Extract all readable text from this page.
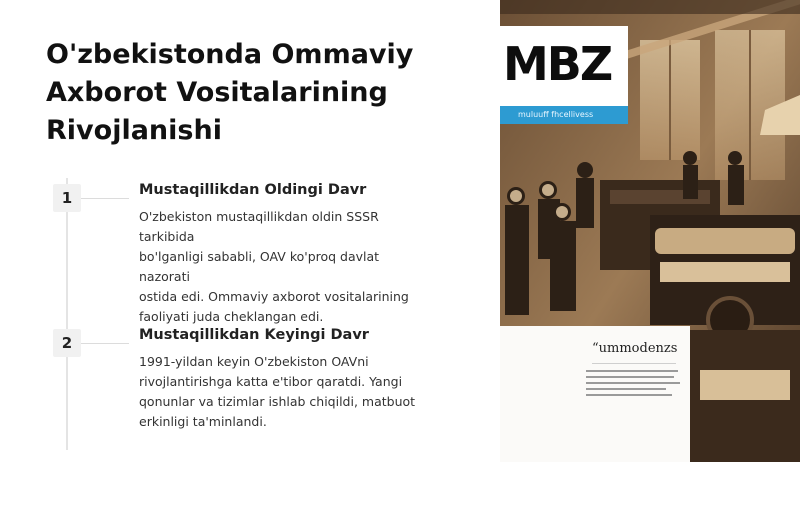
O'zbekistonda Ommaviy
Axborot Vositalarining
Rivojlanishi
1	Mustaqillikdan Oldingi Davr
O'zbekiston mustaqillikdan oldin SSSR tarkibida
bo'lganligi sababli, OAV ko'proq davlat nazorati
ostida edi. Ommaviy axborot vositalarining
faoliyati juda cheklangan edi.
2	Mustaqillikdan Keyingi Davr
1991-yildan keyin O'zbekiston OAVni
rivojlantirishga katta e'tibor qaratdi. Yangi
qonunlar va tizimlar ishlab chiqildi, matbuot
erkinligi ta'minlandi.
MBZ
muluuff fhcellivess
“ummodenzs
